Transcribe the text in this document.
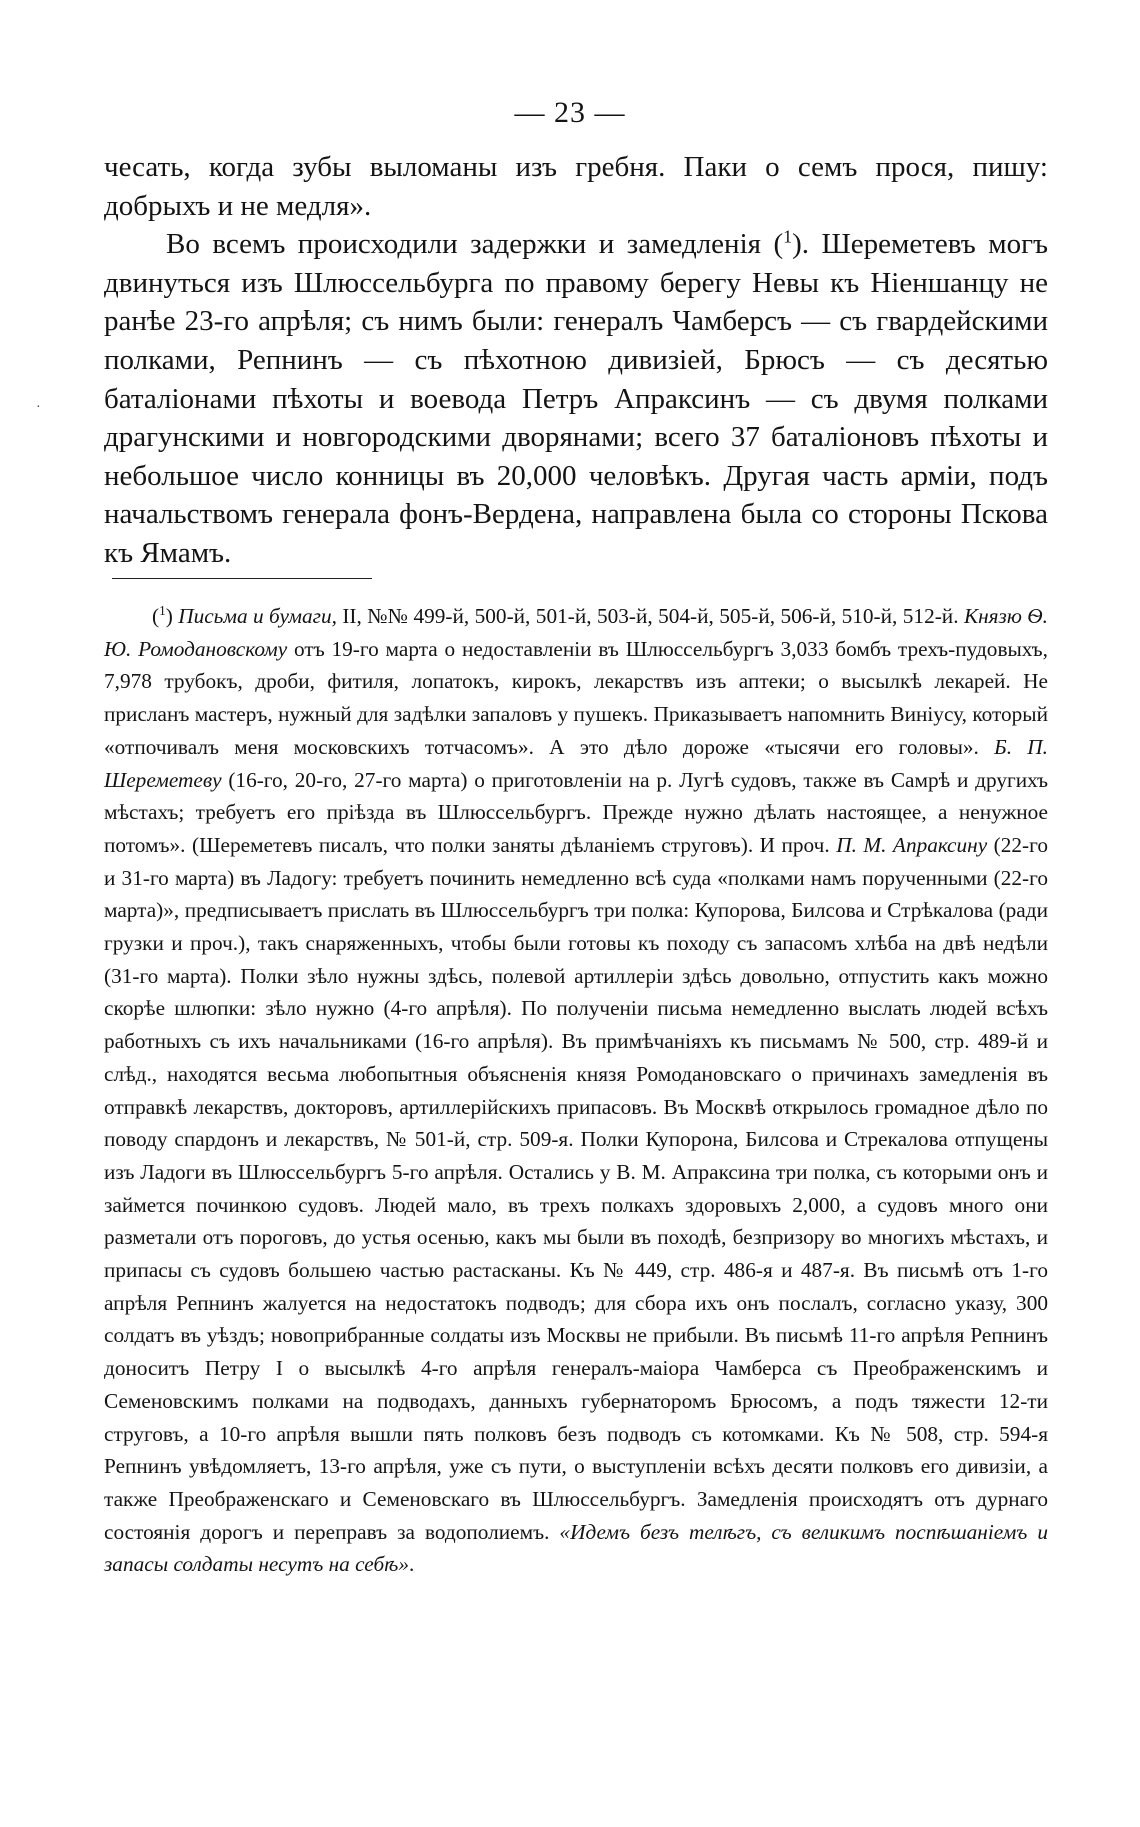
— 23 —

чесать, когда зубы выломаны изъ гребня. Паки о семъ прося, пишу: добрыхъ и не медля».

Во всемъ происходили задержки и замедленія ($^1$). Шереметевъ могъ двинуться изъ Шлюссельбурга по правому берегу Невы къ Ніеншанцу не ранѣе 23-го апрѣля; съ нимъ были: генералъ Чамберсъ — съ гвардейскими полками, Репнинъ — съ пѣхотною дивизіей, Брюсъ — съ десятью баталіонами пѣхоты и воевода Петръ Апраксинъ — съ двумя полками драгунскими и новгородскими дворянами; всего 37 баталіоновъ пѣхоты и небольшое число конницы въ 20,000 человѣкъ. Другая часть арміи, подъ начальствомъ генерала фонъ-Вердена, направлена была со стороны Пскова къ Ямамъ.

($^1$) Письма и бумаги, II, №№ 499-й, 500-й, 501-й, 503-й, 504-й, 505-й, 506-й, 510-й, 512-й. Князю Ѳ. Ю. Ромодановскому отъ 19-го марта о недоставленіи въ Шлюссельбургъ 3,033 бомбъ трехъ-пудовыхъ, 7,978 трубокъ, дроби, фитиля, лопатокъ, кирокъ, лекарствъ изъ аптеки; о высылкѣ лекарей. Не присланъ мастеръ, нужный для задѣлки запаловъ у пушекъ. Приказываетъ напомнить Винiусу, который «отпочивалъ меня московскихъ тотчасомъ». А это дѣло дороже «тысячи его головы». Б. П. Шереметеву (16-го, 20-го, 27-го марта) о приготовленіи на р. Лугѣ судовъ, также въ Самрѣ и другихъ мѣстахъ; требуетъ его пріѣзда въ Шлюссельбургъ. Прежде нужно дѣлать настоящее, а ненужное потомъ». (Шереметевъ писалъ, что полки заняты дѣланіемъ струговъ). И проч. П. М. Апраксину (22-го и 31-го марта) въ Ладогу: требуетъ починить немедленно всѣ суда «полками намъ порученными (22-го марта)», предписываетъ прислать въ Шлюссельбургъ три полка: Купорова, Билсова и Стрѣкалова (ради грузки и проч.), такъ снаряженныхъ, чтобы были готовы къ походу съ запасомъ хлѣба на двѣ недѣли (31-го марта). Полки зѣло нужны здѣсь, полевой артиллеріи здѣсь довольно, отпустить какъ можно скорѣе шлюпки: зѣло нужно (4-го апрѣля). По полученіи письма немедленно выслать людей всѣхъ работныхъ съ ихъ начальниками (16-го апрѣля). Въ примѣчаніяхъ къ письмамъ № 500, стр. 489-й и слѣд., находятся весьма любопытныя объясненія князя Ромодановскаго о причинахъ замедленія въ отправкѣ лекарствъ, докторовъ, артиллерійскихъ припасовъ. Въ Москвѣ открылось громадное дѣло по поводу спардонъ и лекарствъ, № 501-й, стр. 509-я. Полки Купорона, Билсова и Стрекалова отпущены изъ Ладоги въ Шлюссельбургъ 5-го апрѣля. Остались у В. М. Апраксина три полка, съ которыми онъ и займется починкою судовъ. Людей мало, въ трехъ полкахъ здоровыхъ 2,000, а судовъ много они разметали отъ пороговъ, до устья осенью, какъ мы были въ походѣ, безпризору во многихъ мѣстахъ, и припасы съ судовъ большею частью растасканы. Къ № 449, стр. 486-я и 487-я. Въ письмѣ отъ 1-го апрѣля Репнинъ жалуется на недостатокъ подводъ; для сбора ихъ онъ послалъ, согласно указу, 300 солдатъ въ уѣздъ; новоприбранные солдаты изъ Москвы не прибыли. Въ письмѣ 11-го апрѣля Репнинъ доноситъ Петру I о высылкѣ 4-го апрѣля генералъ-маіора Чамберса съ Преображенскимъ и Семеновскимъ полками на подводахъ, данныхъ губернаторомъ Брюсомъ, а подъ тяжести 12-ти струговъ, а 10-го апрѣля вышли пять полковъ безъ подводъ съ котомками. Къ № 508, стр. 594-я Репнинъ увѣдомляетъ, 13-го апрѣля, уже съ пути, о выступленіи всѣхъ десяти полковъ его дивизіи, а также Преображенскаго и Семеновскаго въ Шлюссельбургъ. Замедленія происходятъ отъ дурнаго состоянія дорогъ и переправъ за водополиемъ. «Идемъ безъ телѣгъ, съ великимъ поспѣшаніемъ и запасы солдаты несутъ на себѣ».

·
